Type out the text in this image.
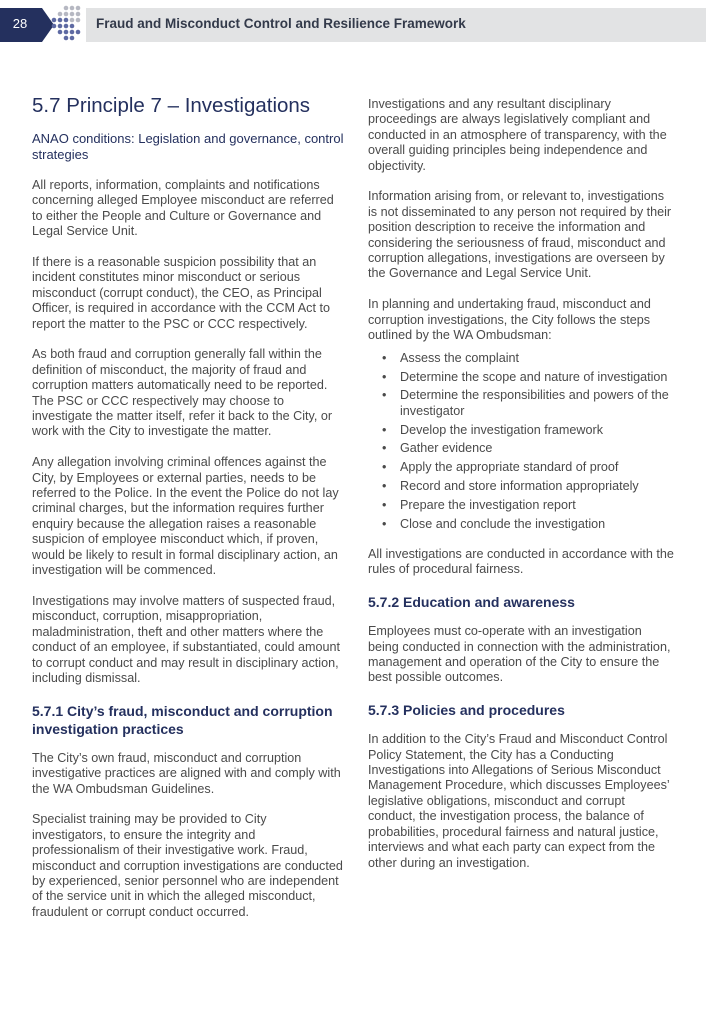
28	Fraud and Misconduct Control and Resilience Framework
5.7 Principle 7 – Investigations
ANAO conditions: Legislation and governance, control strategies

All reports, information, complaints and notifications concerning alleged Employee misconduct are referred to either the People and Culture or Governance and Legal Service Unit.

If there is a reasonable suspicion possibility that an incident constitutes minor misconduct or serious misconduct (corrupt conduct), the CEO, as Principal Officer, is required in accordance with the CCM Act to report the matter to the PSC or CCC respectively.

As both fraud and corruption generally fall within the definition of misconduct, the majority of fraud and corruption matters automatically need to be reported. The PSC or CCC respectively may choose to investigate the matter itself, refer it back to the City, or work with the City to investigate the matter.

Any allegation involving criminal offences against the City, by Employees or external parties, needs to be referred to the Police. In the event the Police do not lay criminal charges, but the information requires further enquiry because the allegation raises a reasonable suspicion of employee misconduct which, if proven, would be likely to result in formal disciplinary action, an investigation will be commenced.

Investigations may involve matters of suspected fraud, misconduct, corruption, misappropriation, maladministration, theft and other matters where the conduct of an employee, if substantiated, could amount to corrupt conduct and may result in disciplinary action, including dismissal.

5.7.1 City’s fraud, misconduct and corruption investigation practices

The City’s own fraud, misconduct and corruption investigative practices are aligned with and comply with the WA Ombudsman Guidelines.

Specialist training may be provided to City investigators, to ensure the integrity and professionalism of their investigative work. Fraud, misconduct and corruption investigations are conducted by experienced, senior personnel who are independent of the service unit in which the alleged misconduct, fraudulent or corrupt conduct occurred.

Investigations and any resultant disciplinary proceedings are always legislatively compliant and conducted in an atmosphere of transparency, with the overall guiding principles being independence and objectivity.

Information arising from, or relevant to, investigations is not disseminated to any person not required by their position description to receive the information and considering the seriousness of fraud, misconduct and corruption allegations, investigations are overseen by the Governance and Legal Service Unit.

In planning and undertaking fraud, misconduct and corruption investigations, the City follows the steps outlined by the WA Ombudsman:

• Assess the complaint
• Determine the scope and nature of investigation
• Determine the responsibilities and powers of the investigator
• Develop the investigation framework
• Gather evidence
• Apply the appropriate standard of proof
• Record and store information appropriately
• Prepare the investigation report
• Close and conclude the investigation

All investigations are conducted in accordance with the rules of procedural fairness.

5.7.2 Education and awareness

Employees must co-operate with an investigation being conducted in connection with the administration, management and operation of the City to ensure the best possible outcomes.

5.7.3 Policies and procedures

In addition to the City’s Fraud and Misconduct Control Policy Statement, the City has a Conducting Investigations into Allegations of Serious Misconduct Management Procedure, which discusses Employees’ legislative obligations, misconduct and corrupt conduct, the investigation process, the balance of probabilities, procedural fairness and natural justice, interviews and what each party can expect from the other during an investigation.
